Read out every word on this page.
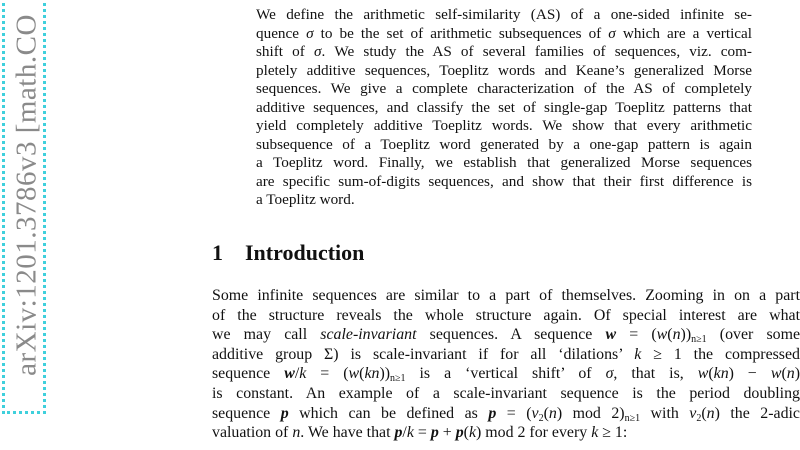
arXiv:1201.3786v3 [math.CO	We define the arithmetic self-similarity (AS) of a one-sided infinite se-
quence σ to be the set of arithmetic subsequences of σ which are a vertical
shift of σ. We study the AS of several families of sequences, viz. com-
pletely additive sequences, Toeplitz words and Keane’s generalized Morse
sequences. We give a complete characterization of the AS of completely
additive sequences, and classify the set of single-gap Toeplitz patterns that
yield completely additive Toeplitz words. We show that every arithmetic
subsequence of a Toeplitz word generated by a one-gap pattern is again
a Toeplitz word. Finally, we establish that generalized Morse sequences
are specific sum-of-digits sequences, and show that their first difference is
a Toeplitz word.
1 Introduction
Some infinite sequences are similar to a part of themselves. Zooming in on a part
of the structure reveals the whole structure again. Of special interest are what
we may call scale-invariant sequences. A sequence $w = (w(n))_{n\ge 1}$ (over some
additive group Σ) is scale-invariant if for all ‘dilations’ k ≥ 1 the compressed
sequence $w/k = (w(kn))_{n\ge 1}$ is a ‘vertical shift’ of σ, that is, w(kn) − w(n)
is constant. An example of a scale-invariant sequence is the period doubling
sequence p which can be defined as $p = (v_2(n)$ mod $2)_{n\ge 1}$ with $v_2(n)$ the 2-adic
valuation of n. We have that p/k = p + p(k) mod 2 for every k ≥ 1:
